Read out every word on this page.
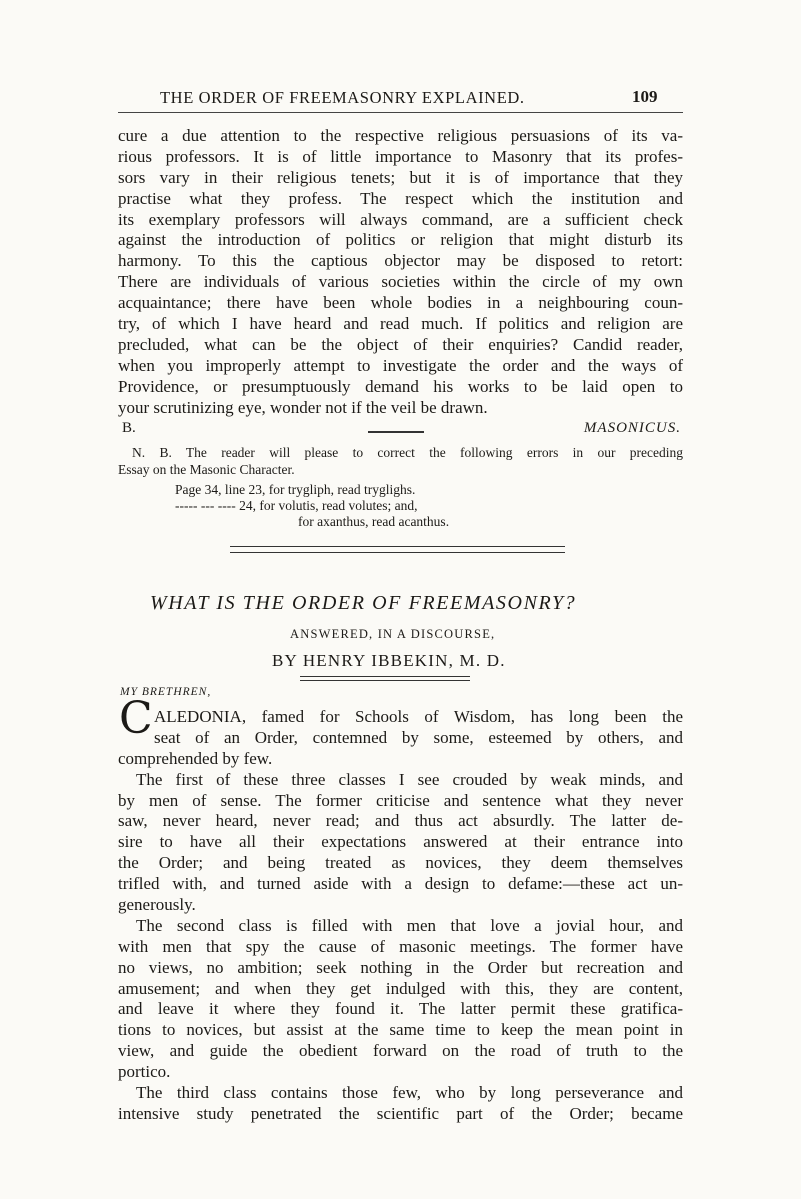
THE ORDER OF FREEMASONRY EXPLAINED.	109
cure a due attention to the respective religious persuasions of its va-
rious professors. It is of little importance to Masonry that its profes-
sors vary in their religious tenets; but it is of importance that they
practise what they profess. The respect which the institution and
its exemplary professors will always command, are a sufficient check
against the introduction of politics or religion that might disturb its
harmony. To this the captious objector may be disposed to retort:
There are individuals of various societies within the circle of my own
acquaintance; there have been whole bodies in a neighbouring coun-
try, of which I have heard and read much. If politics and religion are
precluded, what can be the object of their enquiries? Candid reader,
when you improperly attempt to investigate the order and the ways of
Providence, or presumptuously demand his works to be laid open to
your scrutinizing eye, wonder not if the veil be drawn.
B.	MASONICUS.
N. B. The reader will please to correct the following errors in our preceding
Essay on the Masonic Character.
Page 34, line 23, for trygliph, read tryglighs.
----- --- ---- 24, for volutis, read volutes; and,
for axanthus, read acanthus.
WHAT IS THE ORDER OF FREEMASONRY?
ANSWERED, IN A DISCOURSE,
BY HENRY IBBEKIN, M. D.
MY BRETHREN,
C ALEDONIA, famed for Schools of Wisdom, has long been the
seat of an Order, contemned by some, esteemed by others, and
comprehended by few.
The first of these three classes I see crouded by weak minds, and
by men of sense. The former criticise and sentence what they never
saw, never heard, never read; and thus act absurdly. The latter de-
sire to have all their expectations answered at their entrance into
the Order; and being treated as novices, they deem themselves
trifled with, and turned aside with a design to defame:—these act un-
generously.
The second class is filled with men that love a jovial hour, and
with men that spy the cause of masonic meetings. The former have
no views, no ambition; seek nothing in the Order but recreation and
amusement; and when they get indulged with this, they are content,
and leave it where they found it. The latter permit these gratifica-
tions to novices, but assist at the same time to keep the mean point in
view, and guide the obedient forward on the road of truth to the
portico.
The third class contains those few, who by long perseverance and
intensive study penetrated the scientific part of the Order; became
